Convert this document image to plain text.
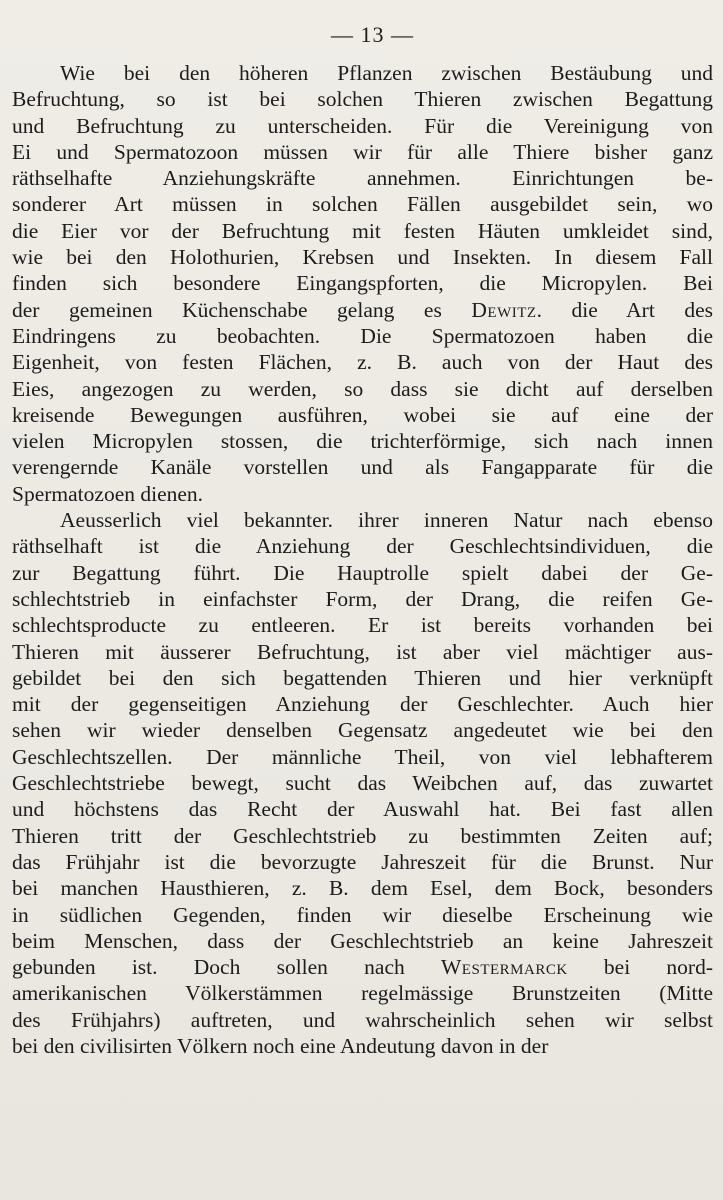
— 13 —
Wie bei den höheren Pflanzen zwischen Bestäubung und
Befruchtung, so ist bei solchen Thieren zwischen Begattung
und Befruchtung zu unterscheiden. Für die Vereinigung von
Ei und Spermatozoon müssen wir für alle Thiere bisher ganz
räthselhafte Anziehungskräfte annehmen. Einrichtungen be-
sonderer Art müssen in solchen Fällen ausgebildet sein, wo
die Eier vor der Befruchtung mit festen Häuten umkleidet sind,
wie bei den Holothurien, Krebsen und Insekten. In diesem Fall
finden sich besondere Eingangspforten, die Micropylen. Bei
der gemeinen Küchenschabe gelang es Dewitz. die Art des
Eindringens zu beobachten. Die Spermatozoen haben die
Eigenheit, von festen Flächen, z. B. auch von der Haut des
Eies, angezogen zu werden, so dass sie dicht auf derselben
kreisende Bewegungen ausführen, wobei sie auf eine der
vielen Micropylen stossen, die trichterförmige, sich nach innen
verengernde Kanäle vorstellen und als Fangapparate für die
Spermatozoen dienen.
Aeusserlich viel bekannter. ihrer inneren Natur nach ebenso
räthselhaft ist die Anziehung der Geschlechtsindividuen, die
zur Begattung führt. Die Hauptrolle spielt dabei der Ge-
schlechtstrieb in einfachster Form, der Drang, die reifen Ge-
schlechtsproducte zu entleeren. Er ist bereits vorhanden bei
Thieren mit äusserer Befruchtung, ist aber viel mächtiger aus-
gebildet bei den sich begattenden Thieren und hier verknüpft
mit der gegenseitigen Anziehung der Geschlechter. Auch hier
sehen wir wieder denselben Gegensatz angedeutet wie bei den
Geschlechtszellen. Der männliche Theil, von viel lebhafterem
Geschlechtstriebe bewegt, sucht das Weibchen auf, das zuwartet
und höchstens das Recht der Auswahl hat. Bei fast allen
Thieren tritt der Geschlechtstrieb zu bestimmten Zeiten auf;
das Frühjahr ist die bevorzugte Jahreszeit für die Brunst. Nur
bei manchen Hausthieren, z. B. dem Esel, dem Bock, besonders
in südlichen Gegenden, finden wir dieselbe Erscheinung wie
beim Menschen, dass der Geschlechtstrieb an keine Jahreszeit
gebunden ist. Doch sollen nach Westermarck bei nord-
amerikanischen Völkerstämmen regelmässige Brunstzeiten (Mitte
des Frühjahrs) auftreten, und wahrscheinlich sehen wir selbst
bei den civilisirten Völkern noch eine Andeutung davon in der
